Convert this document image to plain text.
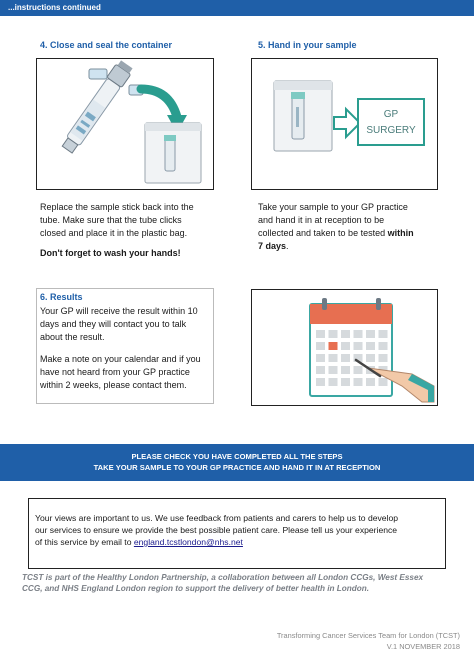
...instructions continued
4. Close and seal the container
Replace the sample stick back into the
tube. Make sure that the tube clicks
closed and place it in the plastic bag.
Don't forget to wash your hands!
5. Hand in your sample
GP
SURGERY
Take your sample to your GP practice
and hand it in at reception to be
collected and taken to be tested within
7 days.
6. Results
Your GP will receive the result within 10
days and they will contact you to talk
about the result.
Make a note on your calendar and if you
have not heard from your GP practice
within 2 weeks, please contact them.
PLEASE CHECK YOU HAVE COMPLETED ALL THE STEPS
TAKE YOUR SAMPLE TO YOUR GP PRACTICE AND HAND IT IN AT RECEPTION
Your views are important to us. We use feedback from patients and carers to help us to develop
our services to ensure we provide the best possible patient care. Please tell us your experience
of this service by email to england.tcstlondon@nhs.net
TCST is part of the Healthy London Partnership, a collaboration between all London CCGs, West Essex
CCG, and NHS England London region to support the delivery of better health in London.
Transforming Cancer Services Team for London (TCST)
V.1 NOVEMBER 2018
